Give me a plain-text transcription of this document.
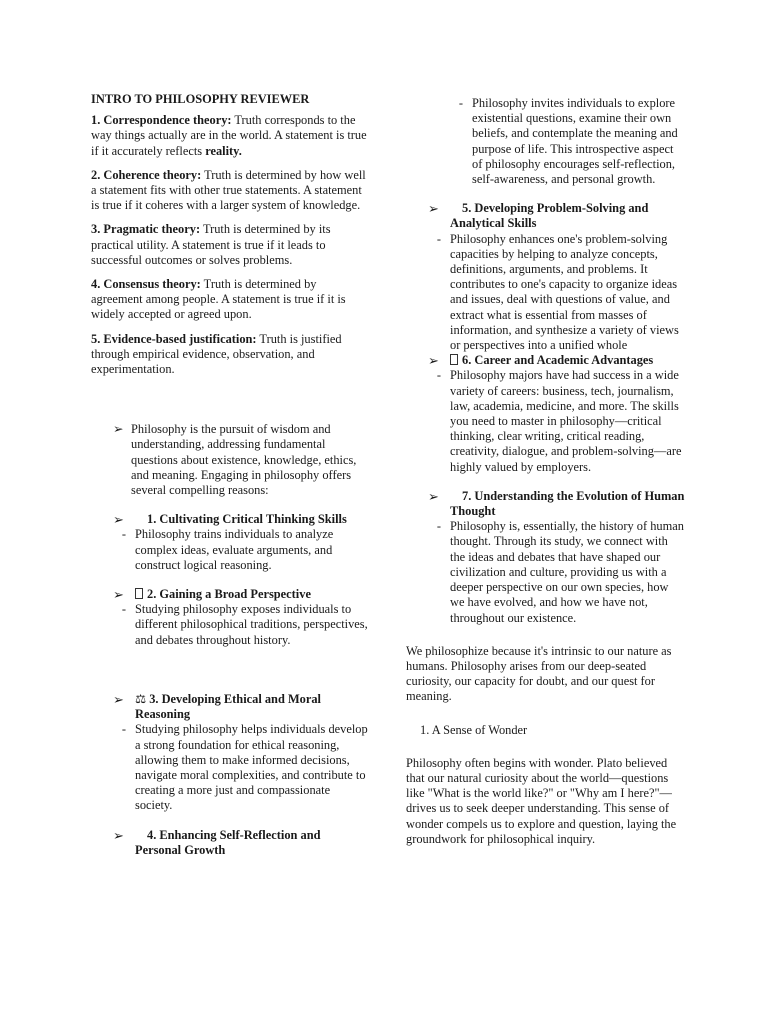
INTRO TO PHILOSOPHY REVIEWER
1. Correspondence theory: Truth corresponds to the way things actually are in the world. A statement is true if it accurately reflects reality.
2. Coherence theory: Truth is determined by how well a statement fits with other true statements. A statement is true if it coheres with a larger system of knowledge.
3. Pragmatic theory: Truth is determined by its practical utility. A statement is true if it leads to successful outcomes or solves problems.
4. Consensus theory: Truth is determined by agreement among people. A statement is true if it is widely accepted or agreed upon.
5. Evidence-based justification: Truth is justified through empirical evidence, observation, and experimentation.
➢ Philosophy is the pursuit of wisdom and understanding, addressing fundamental questions about existence, knowledge, ethics, and meaning. Engaging in philosophy offers several compelling reasons:
➢	1. Cultivating Critical Thinking Skills
- Philosophy trains individuals to analyze complex ideas, evaluate arguments, and construct logical reasoning.
➢	2. Gaining a Broad Perspective
- Studying philosophy exposes individuals to different philosophical traditions, perspectives, and debates throughout history.
➢ ⚖ 3. Developing Ethical and Moral Reasoning
- Studying philosophy helps individuals develop a strong foundation for ethical reasoning, allowing them to make informed decisions, navigate moral complexities, and contribute to creating a more just and compassionate society.
➢	4. Enhancing Self-Reflection and Personal Growth
- Philosophy invites individuals to explore existential questions, examine their own beliefs, and contemplate the meaning and purpose of life. This introspective aspect of philosophy encourages self-reflection, self-awareness, and personal growth.
➢	5. Developing Problem-Solving and Analytical Skills
- Philosophy enhances one's problem-solving capacities by helping to analyze concepts, definitions, arguments, and problems. It contributes to one's capacity to organize ideas and issues, deal with questions of value, and extract what is essential from masses of information, and synthesize a variety of views or perspectives into a unified whole
➢	6. Career and Academic Advantages
- Philosophy majors have had success in a wide variety of careers: business, tech, journalism, law, academia, medicine, and more. The skills you need to master in philosophy—critical thinking, clear writing, critical reading, creativity, dialogue, and problem-solving—are highly valued by employers.
➢	7. Understanding the Evolution of Human Thought
- Philosophy is, essentially, the history of human thought. Through its study, we connect with the ideas and debates that have shaped our civilization and culture, providing us with a deeper perspective on our own species, how we have evolved, and how we have not, throughout our existence.

We philosophize because it's intrinsic to our nature as humans. Philosophy arises from our deep-seated curiosity, our capacity for doubt, and our quest for meaning.

1. A Sense of Wonder

Philosophy often begins with wonder. Plato believed that our natural curiosity about the world—questions like "What is the world like?" or "Why am I here?"—drives us to seek deeper understanding. This sense of wonder compels us to explore and question, laying the groundwork for philosophical inquiry.
